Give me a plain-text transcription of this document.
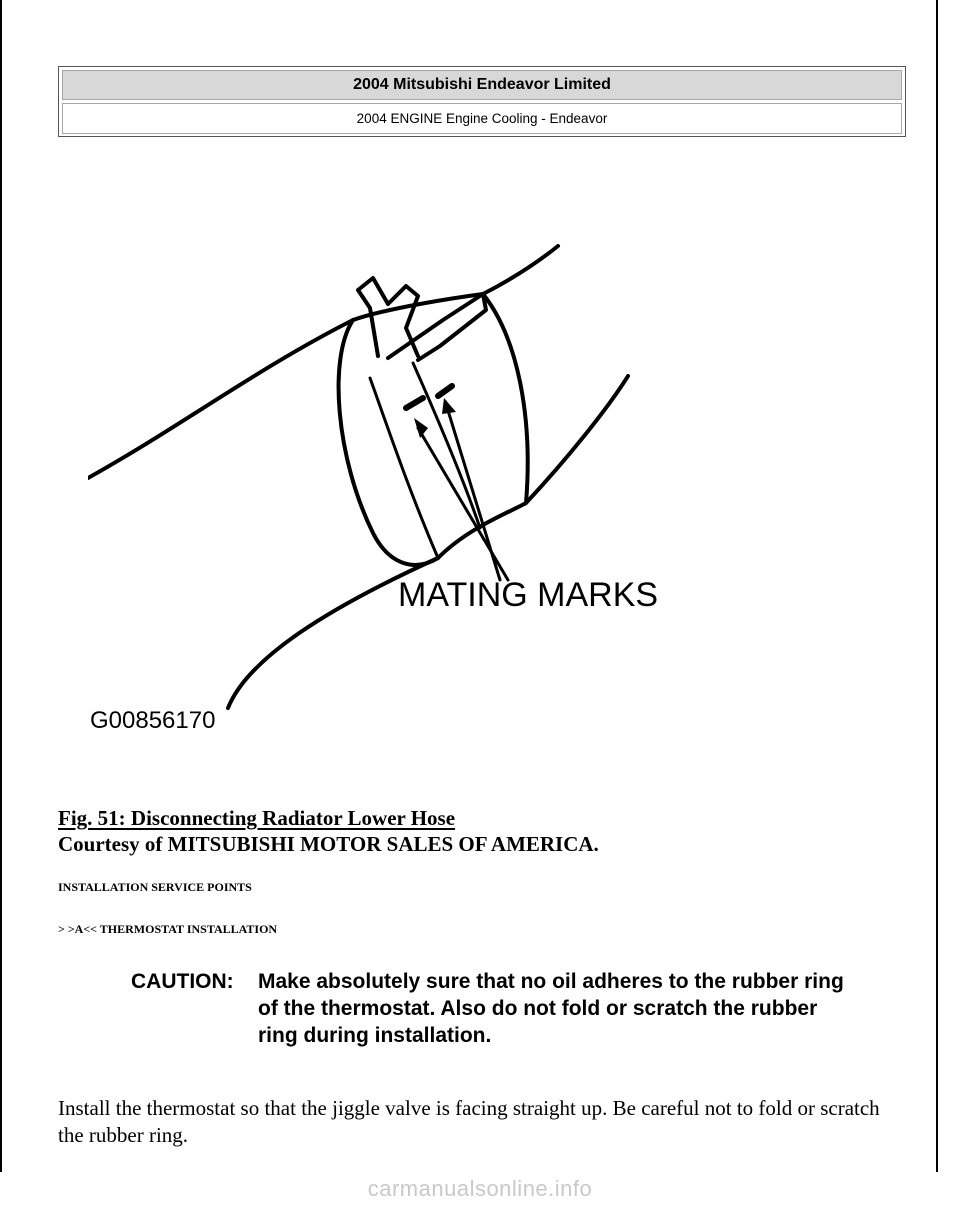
2004 Mitsubishi Endeavor Limited
2004 ENGINE Engine Cooling - Endeavor
MATING MARKS
G00856170
Fig. 51: Disconnecting Radiator Lower Hose
Courtesy of MITSUBISHI MOTOR SALES OF AMERICA.
INSTALLATION SERVICE POINTS
> >A<< THERMOSTAT INSTALLATION
CAUTION:	Make absolutely sure that no oil adheres to the rubber ring of the thermostat. Also do not fold or scratch the rubber ring during installation.
Install the thermostat so that the jiggle valve is facing straight up. Be careful not to fold or scratch the rubber ring.
carmanualsonline.info
